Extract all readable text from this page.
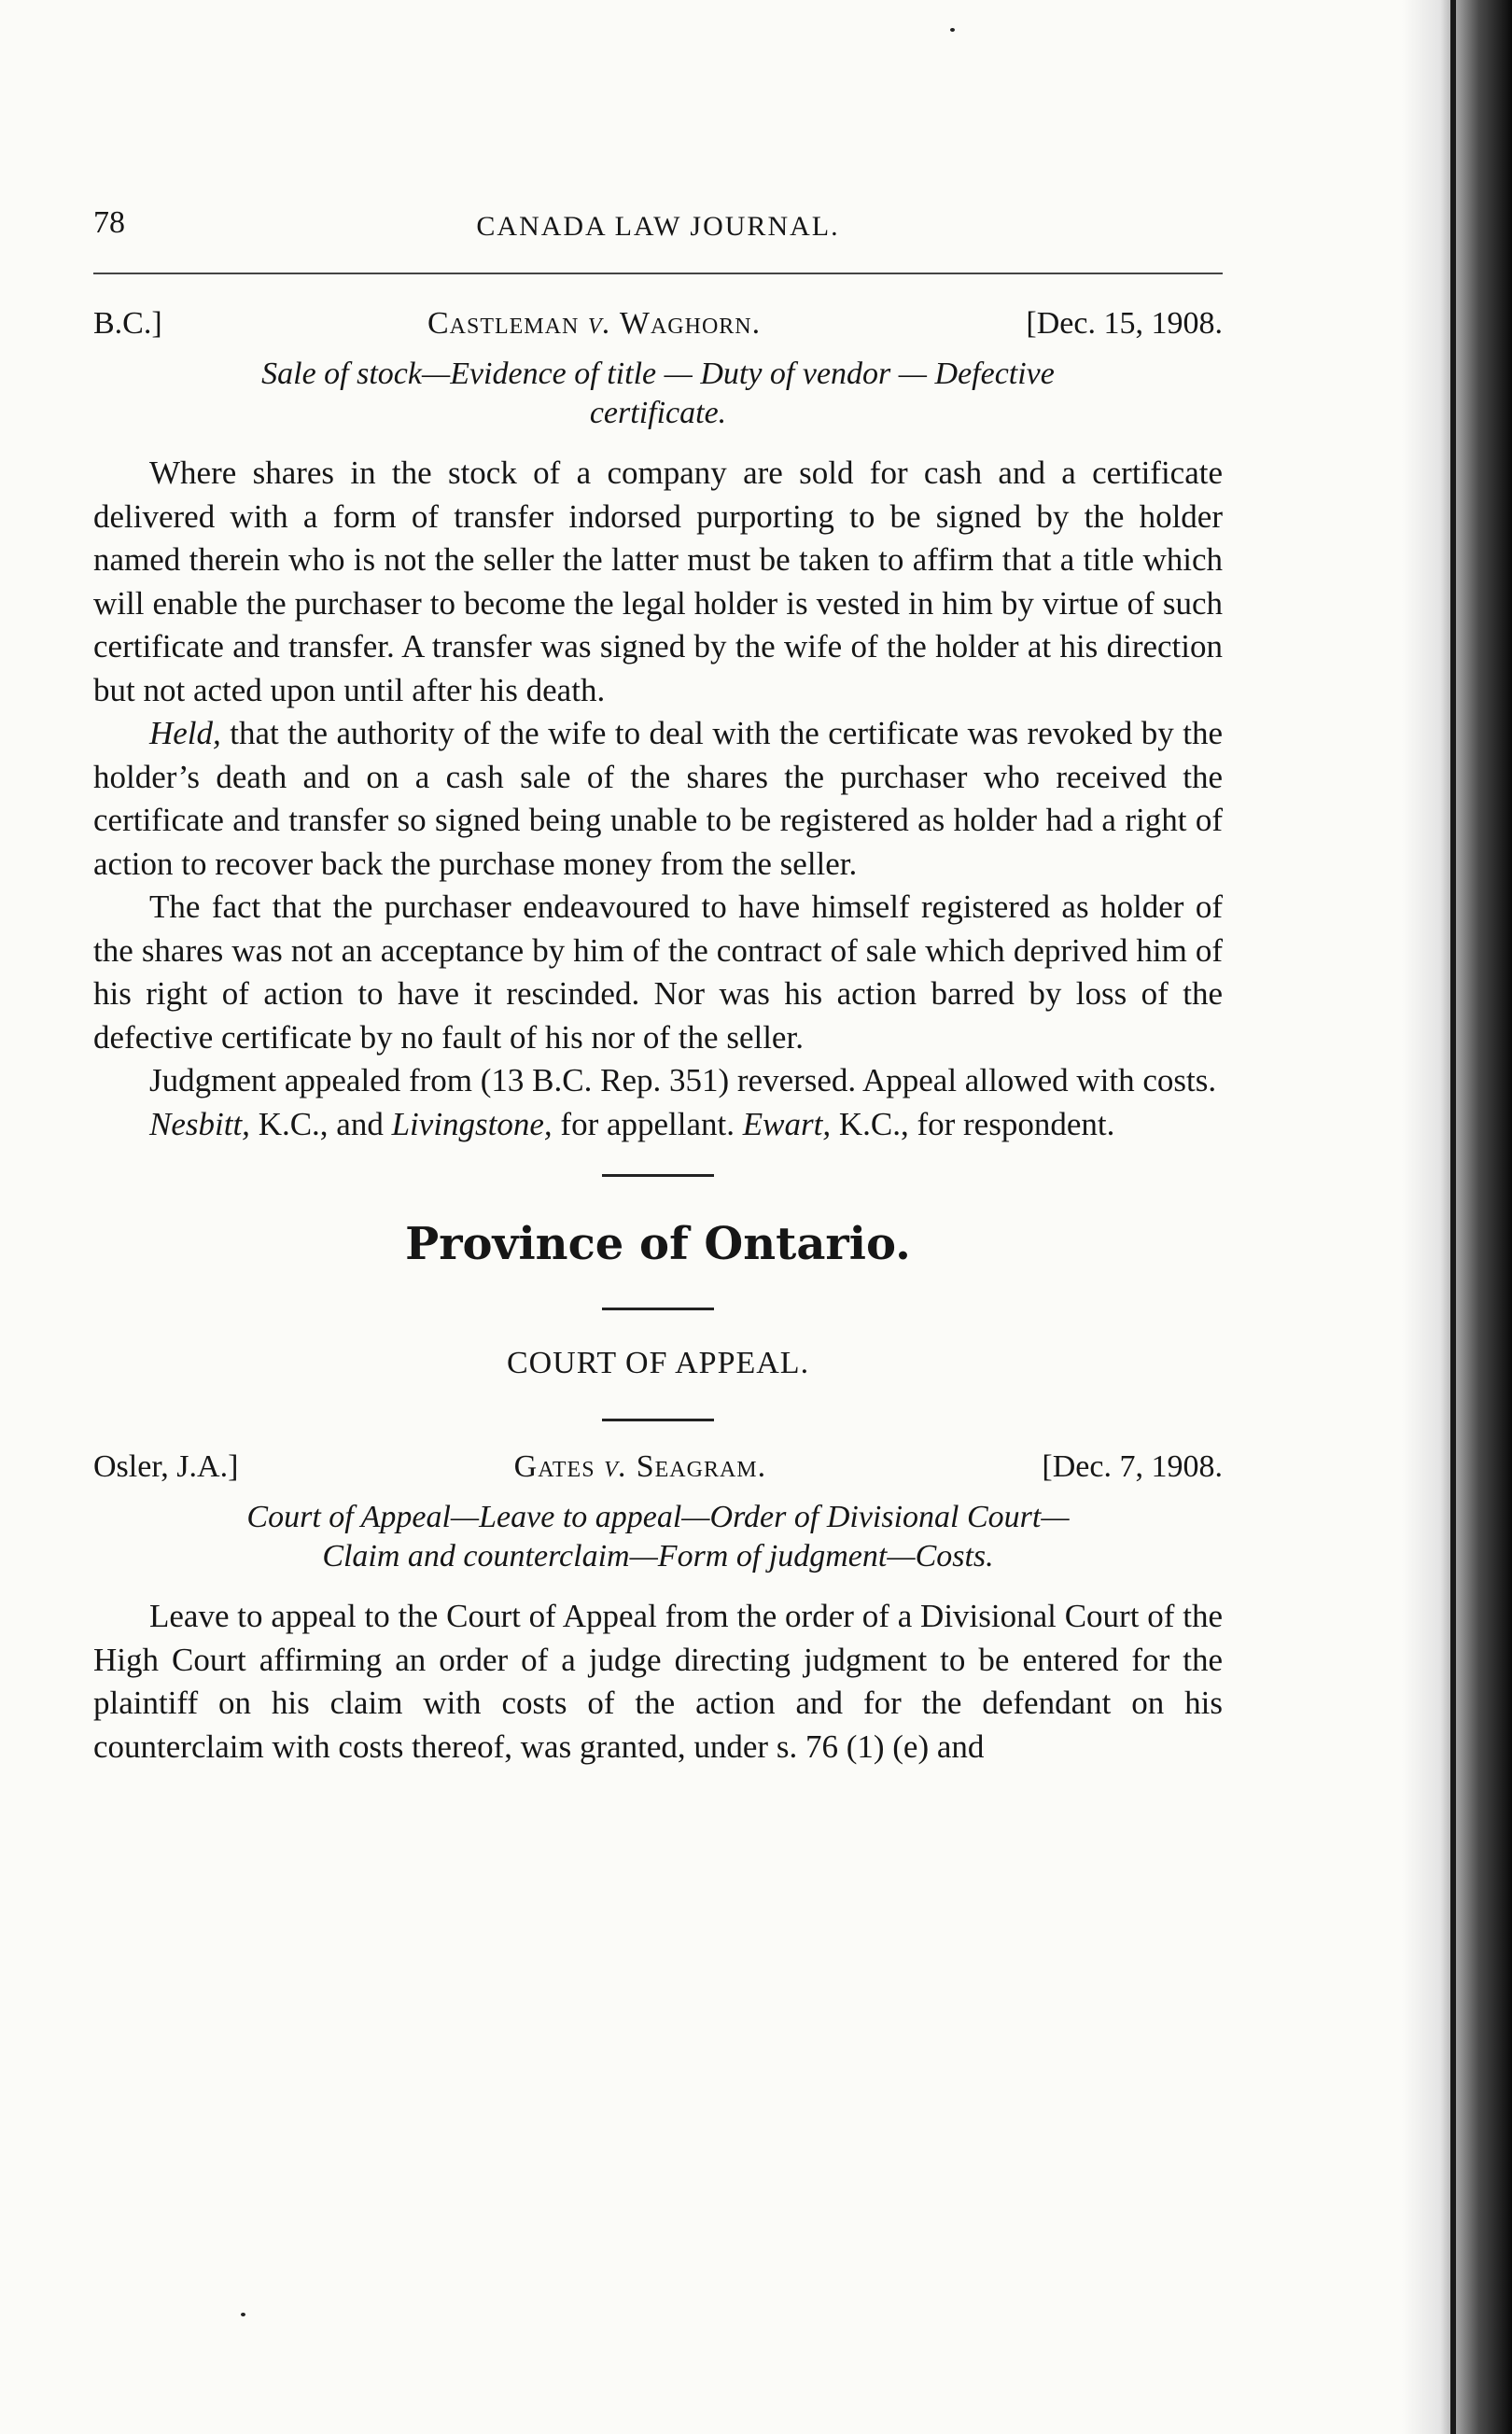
78	CANADA LAW JOURNAL.
B.C.]	Castleman v. Waghorn.	[Dec. 15, 1908.
Sale of stock—Evidence of title — Duty of vendor — Defective
certificate.

Where shares in the stock of a company are sold for cash and a certificate delivered with a form of transfer indorsed purporting to be signed by the holder named therein who is not the seller the latter must be taken to affirm that a title which will enable the purchaser to become the legal holder is vested in him by virtue of such certificate and transfer. A transfer was signed by the wife of the holder at his direction but not acted upon until after his death.

Held, that the authority of the wife to deal with the certificate was revoked by the holder’s death and on a cash sale of the shares the purchaser who received the certificate and transfer so signed being unable to be registered as holder had a right of action to recover back the purchase money from the seller.

The fact that the purchaser endeavoured to have himself registered as holder of the shares was not an acceptance by him of the contract of sale which deprived him of his right of action to have it rescinded. Nor was his action barred by loss of the defective certificate by no fault of his nor of the seller.

Judgment appealed from (13 B.C. Rep. 351) reversed. Appeal allowed with costs.

Nesbitt, K.C., and Livingstone, for appellant. Ewart, K.C., for respondent.

Province of Ontario.
COURT OF APPEAL.
Osler, J.A.]	Gates v. Seagram.	[Dec. 7, 1908.
Court of Appeal—Leave to appeal—Order of Divisional Court—
Claim and counterclaim—Form of judgment—Costs.

Leave to appeal to the Court of Appeal from the order of a Divisional Court of the High Court affirming an order of a judge directing judgment to be entered for the plaintiff on his claim with costs of the action and for the defendant on his counterclaim with costs thereof, was granted, under s. 76 (1) (e) and
